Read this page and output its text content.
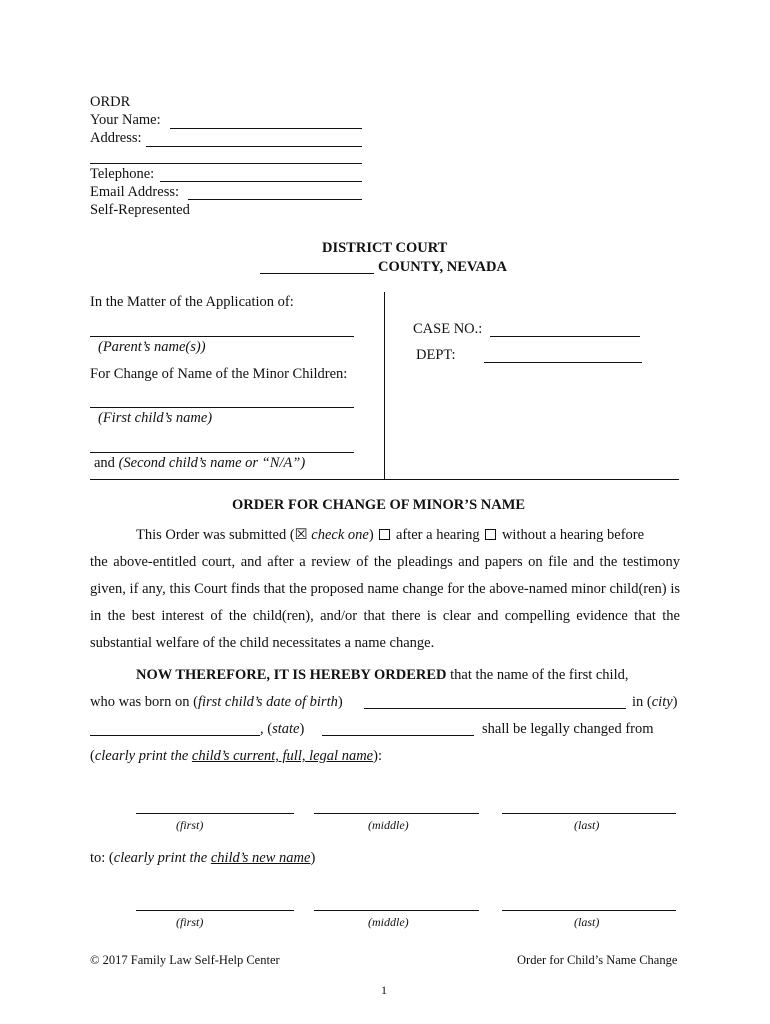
ORDR
Your Name:
Address:
Telephone:
Email Address:
Self-Represented
DISTRICT COURT
COUNTY, NEVADA
In the Matter of the Application of:
(Parent’s name(s))
For Change of Name of the Minor Children:
(First child’s name)
and (Second child’s name or “N/A”)
CASE NO.:
DEPT:
ORDER FOR CHANGE OF MINOR’S NAME
This Order was submitted (☒ check one)  after a hearing  without a hearing before
the above-entitled court, and after a review of the pleadings and papers on file and the testimony given, if any, this Court finds that the proposed name change for the above-named minor child(ren) is in the best interest of the child(ren), and/or that there is clear and compelling evidence that the substantial welfare of the child necessitates a name change.
NOW THEREFORE, IT IS HEREBY ORDERED that the name of the first child,
who was born on (first child’s date of birth)	in (city)
, (state)	shall be legally changed from
(clearly print the child’s current, full, legal name):
(first)	(middle)	(last)
to: (clearly print the child’s new name)
(first)	(middle)	(last)
© 2017 Family Law Self-Help Center	Order for Child’s Name Change
1
